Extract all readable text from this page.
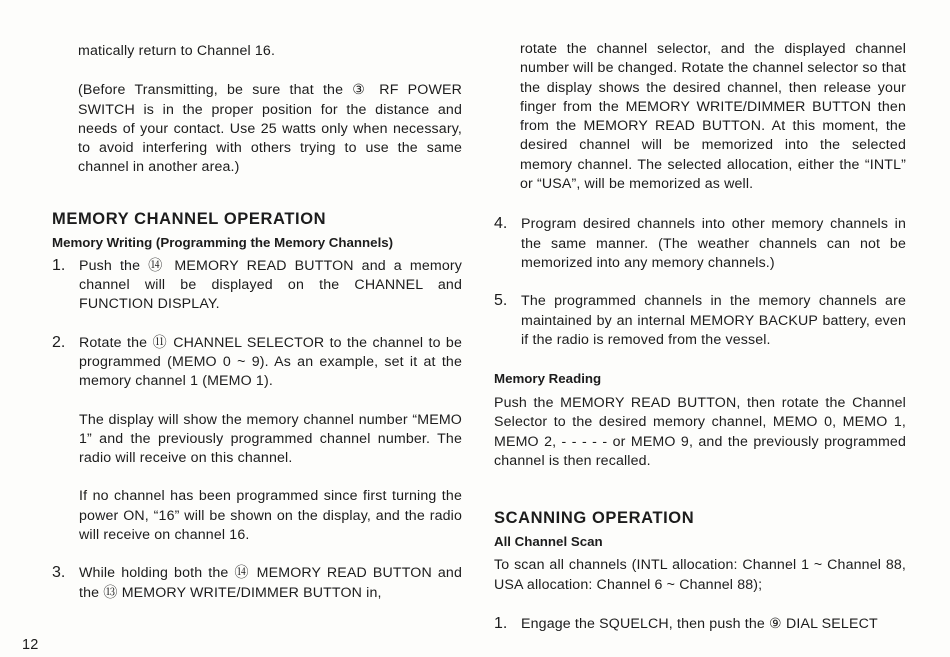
matically return to Channel 16.

(Before Transmitting, be sure that the ③ RF POWER SWITCH is in the proper position for the distance and needs of your contact. Use 25 watts only when necessary, to avoid interfering with others trying to use the same channel in another area.)

MEMORY CHANNEL OPERATION
Memory Writing (Programming the Memory Channels)
1. Push the ⑭ MEMORY READ BUTTON and a memory channel will be displayed on the CHANNEL and FUNCTION DISPLAY.

2. Rotate the ⑪ CHANNEL SELECTOR to the channel to be programmed (MEMO 0 ~ 9). As an example, set it at the memory channel 1 (MEMO 1).

The display will show the memory channel number “MEMO 1” and the previously programmed channel number. The radio will receive on this channel.

If no channel has been programmed since first turning the power ON, “16” will be shown on the display, and the radio will receive on channel 16.

3. While holding both the ⑭ MEMORY READ BUTTON and the ⑬ MEMORY WRITE/DIMMER BUTTON in,

rotate the channel selector, and the displayed channel number will be changed. Rotate the channel selector so that the display shows the desired channel, then release your finger from the MEMORY WRITE/DIMMER BUTTON then from the MEMORY READ BUTTON. At this moment, the desired channel will be memorized into the selected memory channel. The selected allocation, either the “INTL” or “USA”, will be memorized as well.

4. Program desired channels into other memory channels in the same manner. (The weather channels can not be memorized into any memory channels.)

5. The programmed channels in the memory channels are maintained by an internal MEMORY BACKUP battery, even if the radio is removed from the vessel.

Memory Reading

Push the MEMORY READ BUTTON, then rotate the Channel Selector to the desired memory channel, MEMO 0, MEMO 1, MEMO 2, - - - - - or MEMO 9, and the previously programmed channel is then recalled.

SCANNING OPERATION
All Channel Scan

To scan all channels (INTL allocation: Channel 1 ~ Channel 88, USA allocation: Channel 6 ~ Channel 88);

1. Engage the SQUELCH, then push the ⑨ DIAL SELECT

12
